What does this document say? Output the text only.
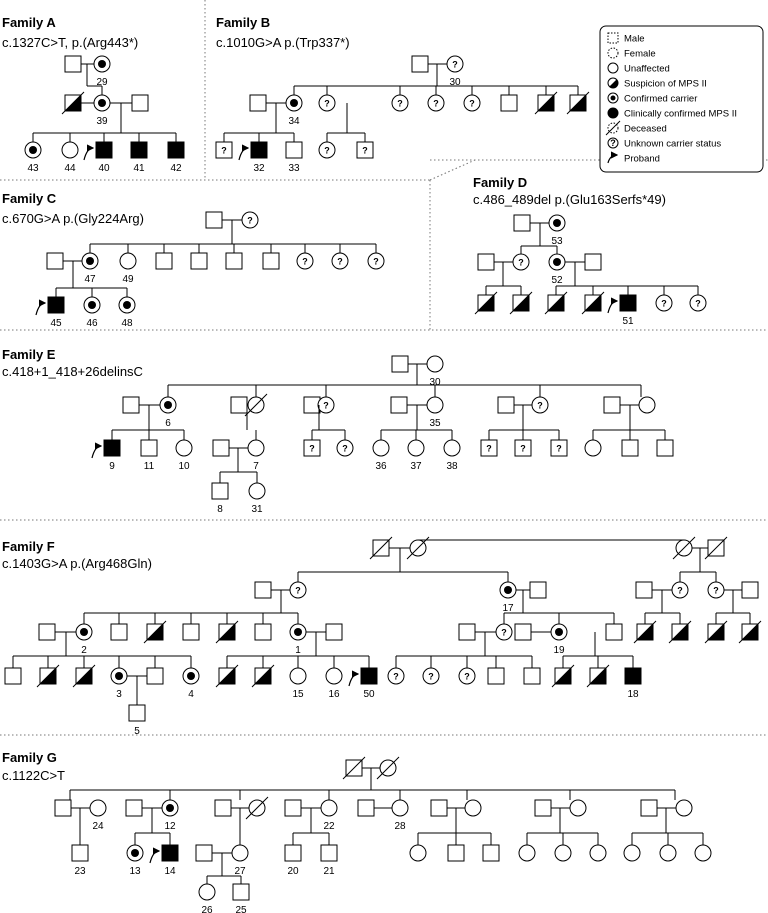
Family A
c.1327C>T, p.(Arg443*)
Family B
c.1010G>A p.(Trp337*)
Family C
c.670G>A p.(Gly224Arg)
Family D
c.486_489del p.(Glu163Serfs*49)
Family E
c.418+1_418+26delinsC
Family F
c.1403G>A p.(Arg468Gln)
Family G
c.1122C>T
Male
Female
Unaffected
Suspicion of MPS II
Confirmed carrier
Clinically confirmed MPS II
Deceased
? Unknown carrier status
Proband
29
39
43	44 40 41	42
?
30
34
?	?	?	?
?
32 33
?	?
?
47	49
?	?	?
45 46 48
53
?
52
51
?	?
30
6
?
35
?
9	11 10	7
?	?
36 37 38
?	?	?
8	31
?
17
?	?
2	1
?
19
3	4	15 16 50
?	?	?
18
5
24	12	22	28
23	13 14	27	20 21
26 25
